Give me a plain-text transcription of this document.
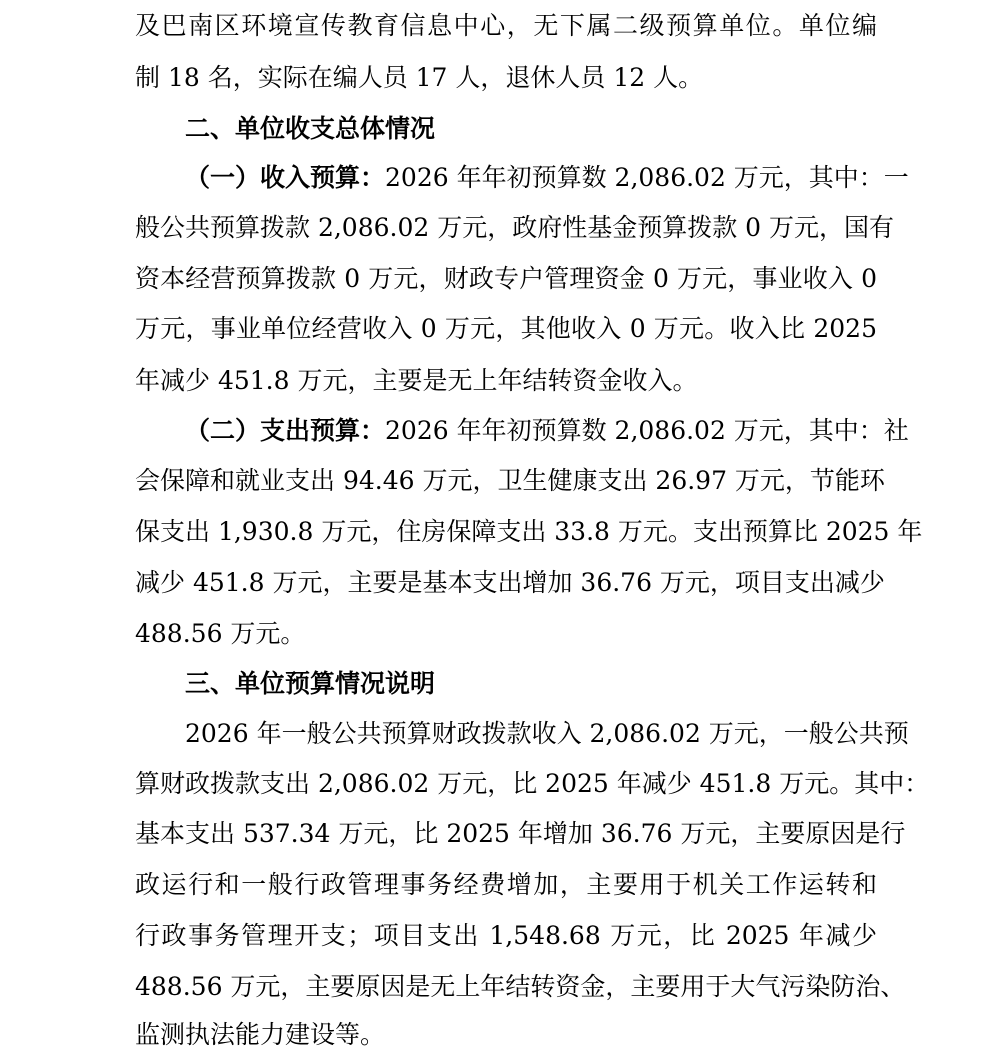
及巴南区环境宣传教育信息中心，无下属二级预算单位。单位编
制 18 名，实际在编人员 17 人，退休人员 12 人。
二、单位收支总体情况
（一）收入预算：2026 年年初预算数 2,086.02 万元，其中：一
般公共预算拨款 2,086.02 万元，政府性基金预算拨款 0 万元，国有
资本经营预算拨款 0 万元，财政专户管理资金 0 万元，事业收入 0
万元，事业单位经营收入 0 万元，其他收入 0 万元。收入比 2025
年减少 451.8 万元，主要是无上年结转资金收入。
（二）支出预算：2026 年年初预算数 2,086.02 万元，其中：社
会保障和就业支出 94.46 万元，卫生健康支出 26.97 万元，节能环
保支出 1,930.8 万元，住房保障支出 33.8 万元。支出预算比 2025 年
减少 451.8 万元，主要是基本支出增加 36.76 万元，项目支出减少
488.56 万元。
三、单位预算情况说明
2026 年一般公共预算财政拨款收入 2,086.02 万元，一般公共预
算财政拨款支出 2,086.02 万元，比 2025 年减少 451.8 万元。其中：
基本支出 537.34 万元，比 2025 年增加 36.76 万元，主要原因是行
政运行和一般行政管理事务经费增加，主要用于机关工作运转和
行政事务管理开支；项目支出 1,548.68 万元，比 2025 年减少
488.56 万元，主要原因是无上年结转资金，主要用于大气污染防治、
监测执法能力建设等。
